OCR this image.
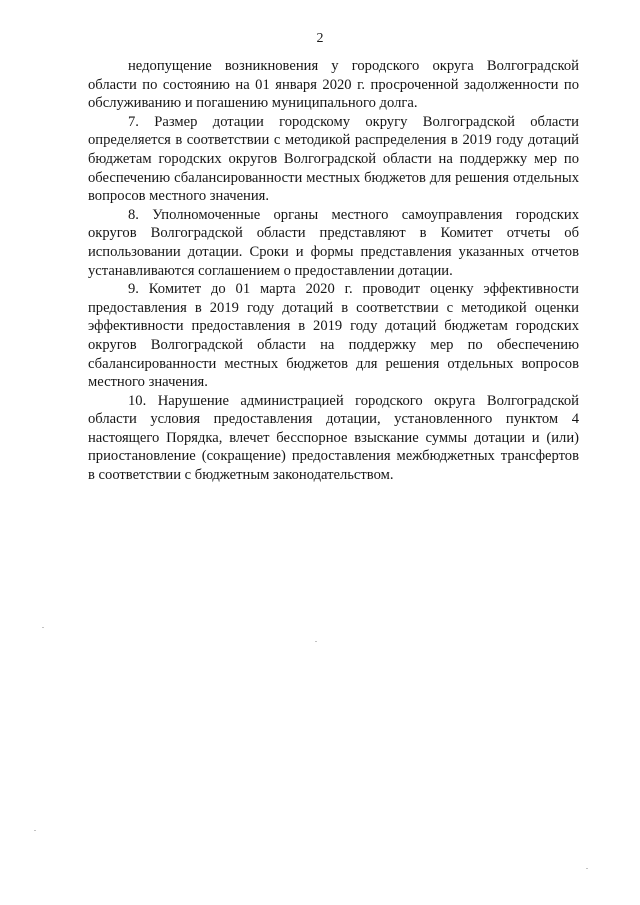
2

недопущение возникновения у городского округа Волгоградской области по состоянию на 01 января 2020 г. просроченной задолженности по обслуживанию и погашению муниципального долга.

7. Размер дотации городскому округу Волгоградской области определяется в соответствии с методикой распределения в 2019 году дотаций бюджетам городских округов Волгоградской области на поддержку мер по обеспечению сбалансированности местных бюджетов для решения отдельных вопросов местного значения.

8. Уполномоченные органы местного самоуправления городских округов Волгоградской области представляют в Комитет отчеты об использовании дотации. Сроки и формы представления указанных отчетов устанавливаются соглашением о предоставлении дотации.

9. Комитет до 01 марта 2020 г. проводит оценку эффективности предоставления в 2019 году дотаций в соответствии с методикой оценки эффективности предоставления в 2019 году дотаций бюджетам городских округов Волгоградской области на поддержку мер по обеспечению сбалансированности местных бюджетов для решения отдельных вопросов местного значения.

10. Нарушение администрацией городского округа Волгоградской области условия предоставления дотации, установленного пунктом 4 настоящего Порядка, влечет бесспорное взыскание суммы дотации и (или) приостановление (сокращение) предоставления межбюджетных трансфертов в соответствии с бюджетным законодательством.
